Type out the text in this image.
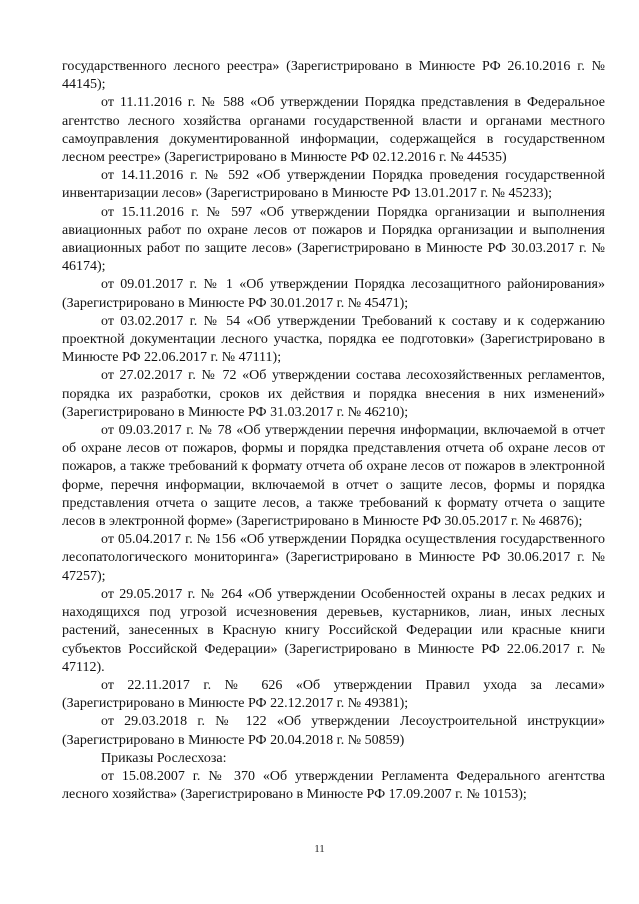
государственного лесного реестра» (Зарегистрировано в Минюсте РФ 26.10.2016 г. № 44145);

от 11.11.2016 г. № 588 «Об утверждении Порядка представления в Федеральное агентство лесного хозяйства органами государственной власти и органами местного самоуправления документированной информации, содержащейся в государственном лесном реестре» (Зарегистрировано в Минюсте РФ 02.12.2016 г. № 44535)

от 14.11.2016 г. № 592 «Об утверждении Порядка проведения государственной инвентаризации лесов» (Зарегистрировано в Минюсте РФ 13.01.2017 г. № 45233);

от 15.11.2016 г. № 597 «Об утверждении Порядка организации и выполнения авиационных работ по охране лесов от пожаров и Порядка организации и выполнения авиационных работ по защите лесов» (Зарегистрировано в Минюсте РФ 30.03.2017 г. № 46174);

от 09.01.2017 г. № 1 «Об утверждении Порядка лесозащитного районирования» (Зарегистрировано в Минюсте РФ 30.01.2017 г. № 45471);

от 03.02.2017 г. № 54 «Об утверждении Требований к составу и к содержанию проектной документации лесного участка, порядка ее подготовки» (Зарегистрировано в Минюсте РФ 22.06.2017 г. № 47111);

от 27.02.2017 г. № 72 «Об утверждении состава лесохозяйственных регламентов, порядка их разработки, сроков их действия и порядка внесения в них изменений» (Зарегистрировано в Минюсте РФ 31.03.2017 г. № 46210);

от 09.03.2017 г. № 78 «Об утверждении перечня информации, включаемой в отчет об охране лесов от пожаров, формы и порядка представления отчета об охране лесов от пожаров, а также требований к формату отчета об охране лесов от пожаров в электронной форме, перечня информации, включаемой в отчет о защите лесов, формы и порядка представления отчета о защите лесов, а также требований к формату отчета о защите лесов в электронной форме» (Зарегистрировано в Минюсте РФ 30.05.2017 г. № 46876);

от 05.04.2017 г. № 156 «Об утверждении Порядка осуществления государственного лесопатологического мониторинга» (Зарегистрировано в Минюсте РФ 30.06.2017 г. № 47257);

от 29.05.2017 г. № 264 «Об утверждении Особенностей охраны в лесах редких и находящихся под угрозой исчезновения деревьев, кустарников, лиан, иных лесных растений, занесенных в Красную книгу Российской Федерации или красные книги субъектов Российской Федерации» (Зарегистрировано в Минюсте РФ 22.06.2017 г. № 47112).

от 22.11.2017 г. № 626 «Об утверждении Правил ухода за лесами» (Зарегистрировано в Минюсте РФ 22.12.2017 г. № 49381);

от 29.03.2018 г. № 122 «Об утверждении Лесоустроительной инструкции» (Зарегистрировано в Минюсте РФ 20.04.2018 г. № 50859)

Приказы Рослесхоза:

от 15.08.2007 г. № 370 «Об утверждении Регламента Федерального агентства лесного хозяйства» (Зарегистрировано в Минюсте РФ 17.09.2007 г. № 10153);

11
